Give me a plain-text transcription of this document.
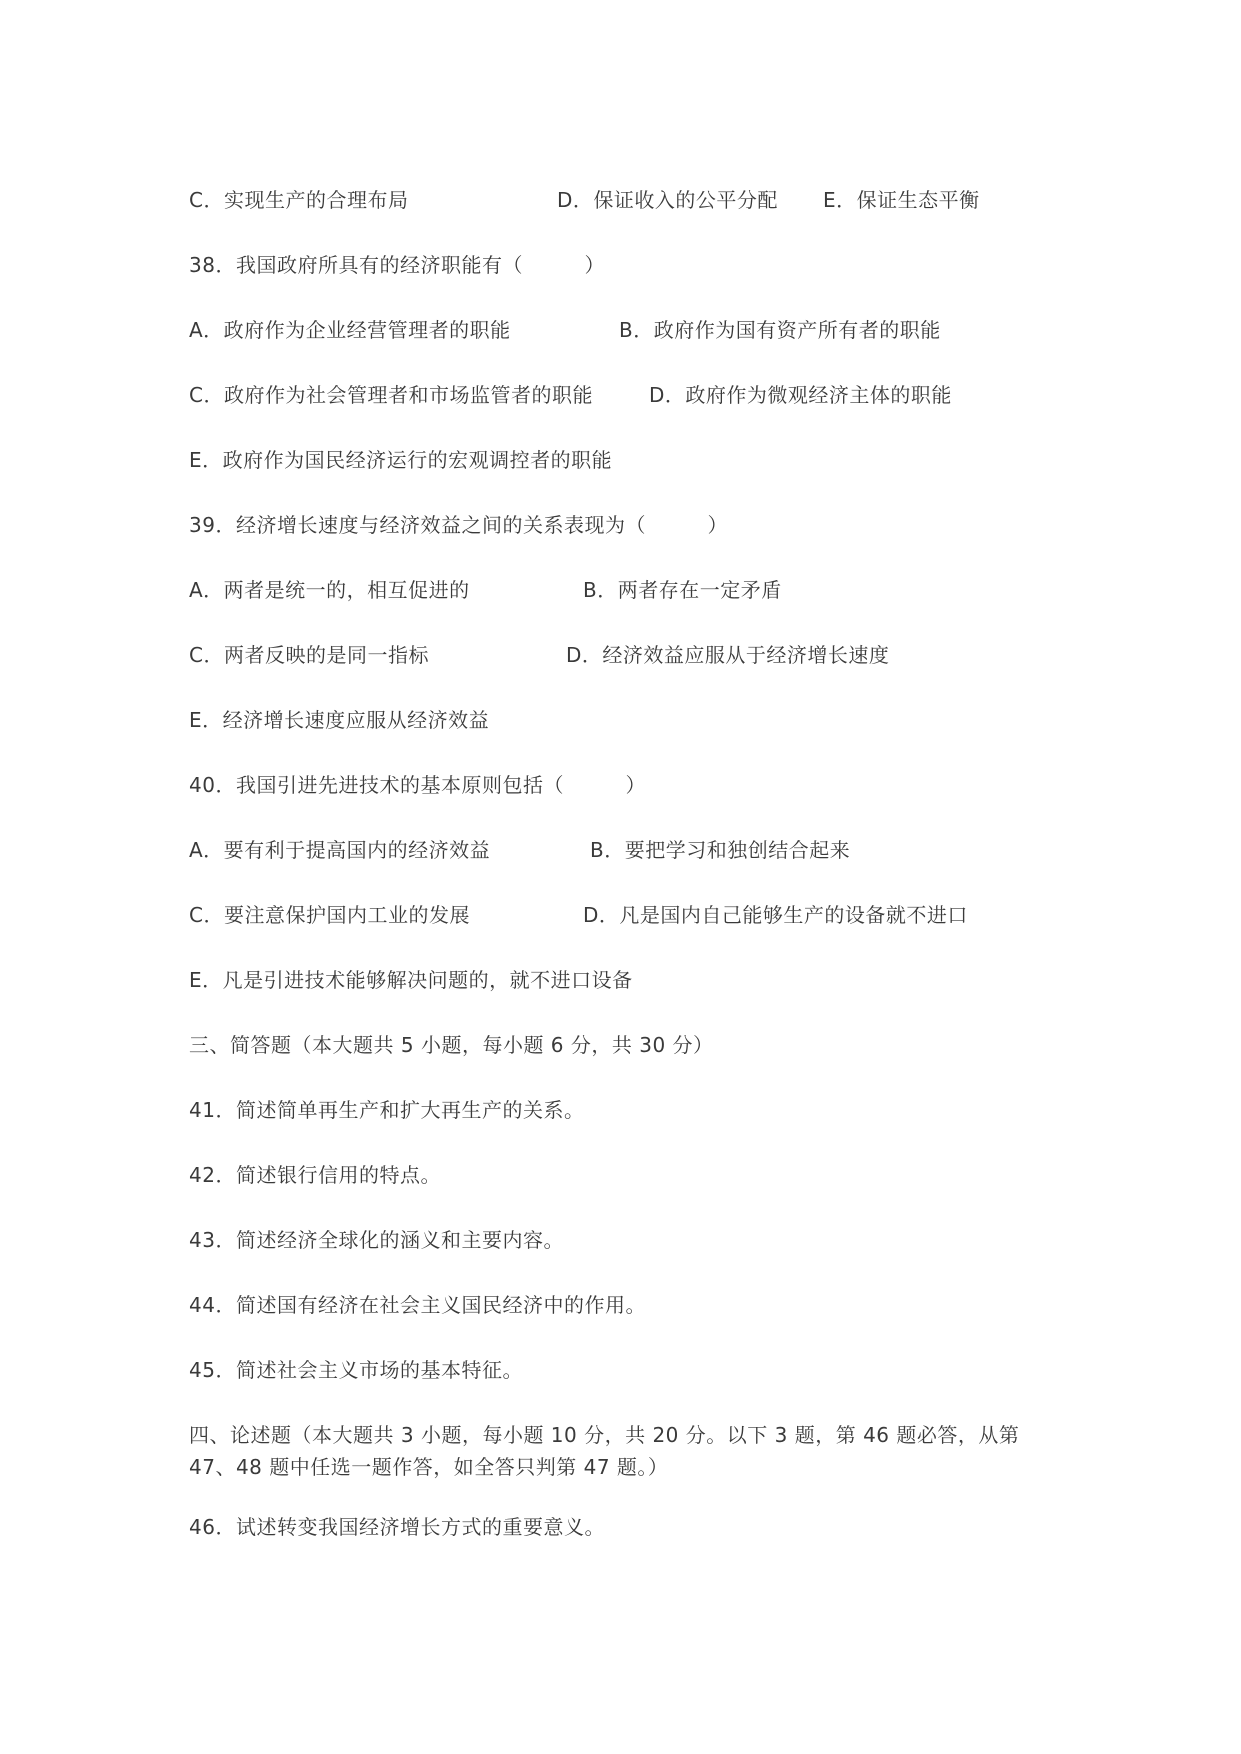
C．实现生产的合理布局	D．保证收入的公平分配 E．保证生态平衡
38．我国政府所具有的经济职能有（　　　）
A．政府作为企业经营管理者的职能	B．政府作为国有资产所有者的职能
C．政府作为社会管理者和市场监管者的职能	D．政府作为微观经济主体的职能
E．政府作为国民经济运行的宏观调控者的职能
39．经济增长速度与经济效益之间的关系表现为（　　　）
A．两者是统一的，相互促进的	B．两者存在一定矛盾
C．两者反映的是同一指标	D．经济效益应服从于经济增长速度
E．经济增长速度应服从经济效益
40．我国引进先进技术的基本原则包括（　　　）
A．要有利于提高国内的经济效益	B．要把学习和独创结合起来
C．要注意保护国内工业的发展	D．凡是国内自己能够生产的设备就不进口
E．凡是引进技术能够解决问题的，就不进口设备
三、简答题（本大题共 5 小题，每小题 6 分，共 30 分）
41．简述简单再生产和扩大再生产的关系。
42．简述银行信用的特点。
43．简述经济全球化的涵义和主要内容。
44．简述国有经济在社会主义国民经济中的作用。
45．简述社会主义市场的基本特征。
四、论述题（本大题共 3 小题，每小题 10 分，共 20 分。以下 3 题，第 46 题必答，从第 47、48 题中任选一题作答，如全答只判第 47 题。）
46．试述转变我国经济增长方式的重要意义。
